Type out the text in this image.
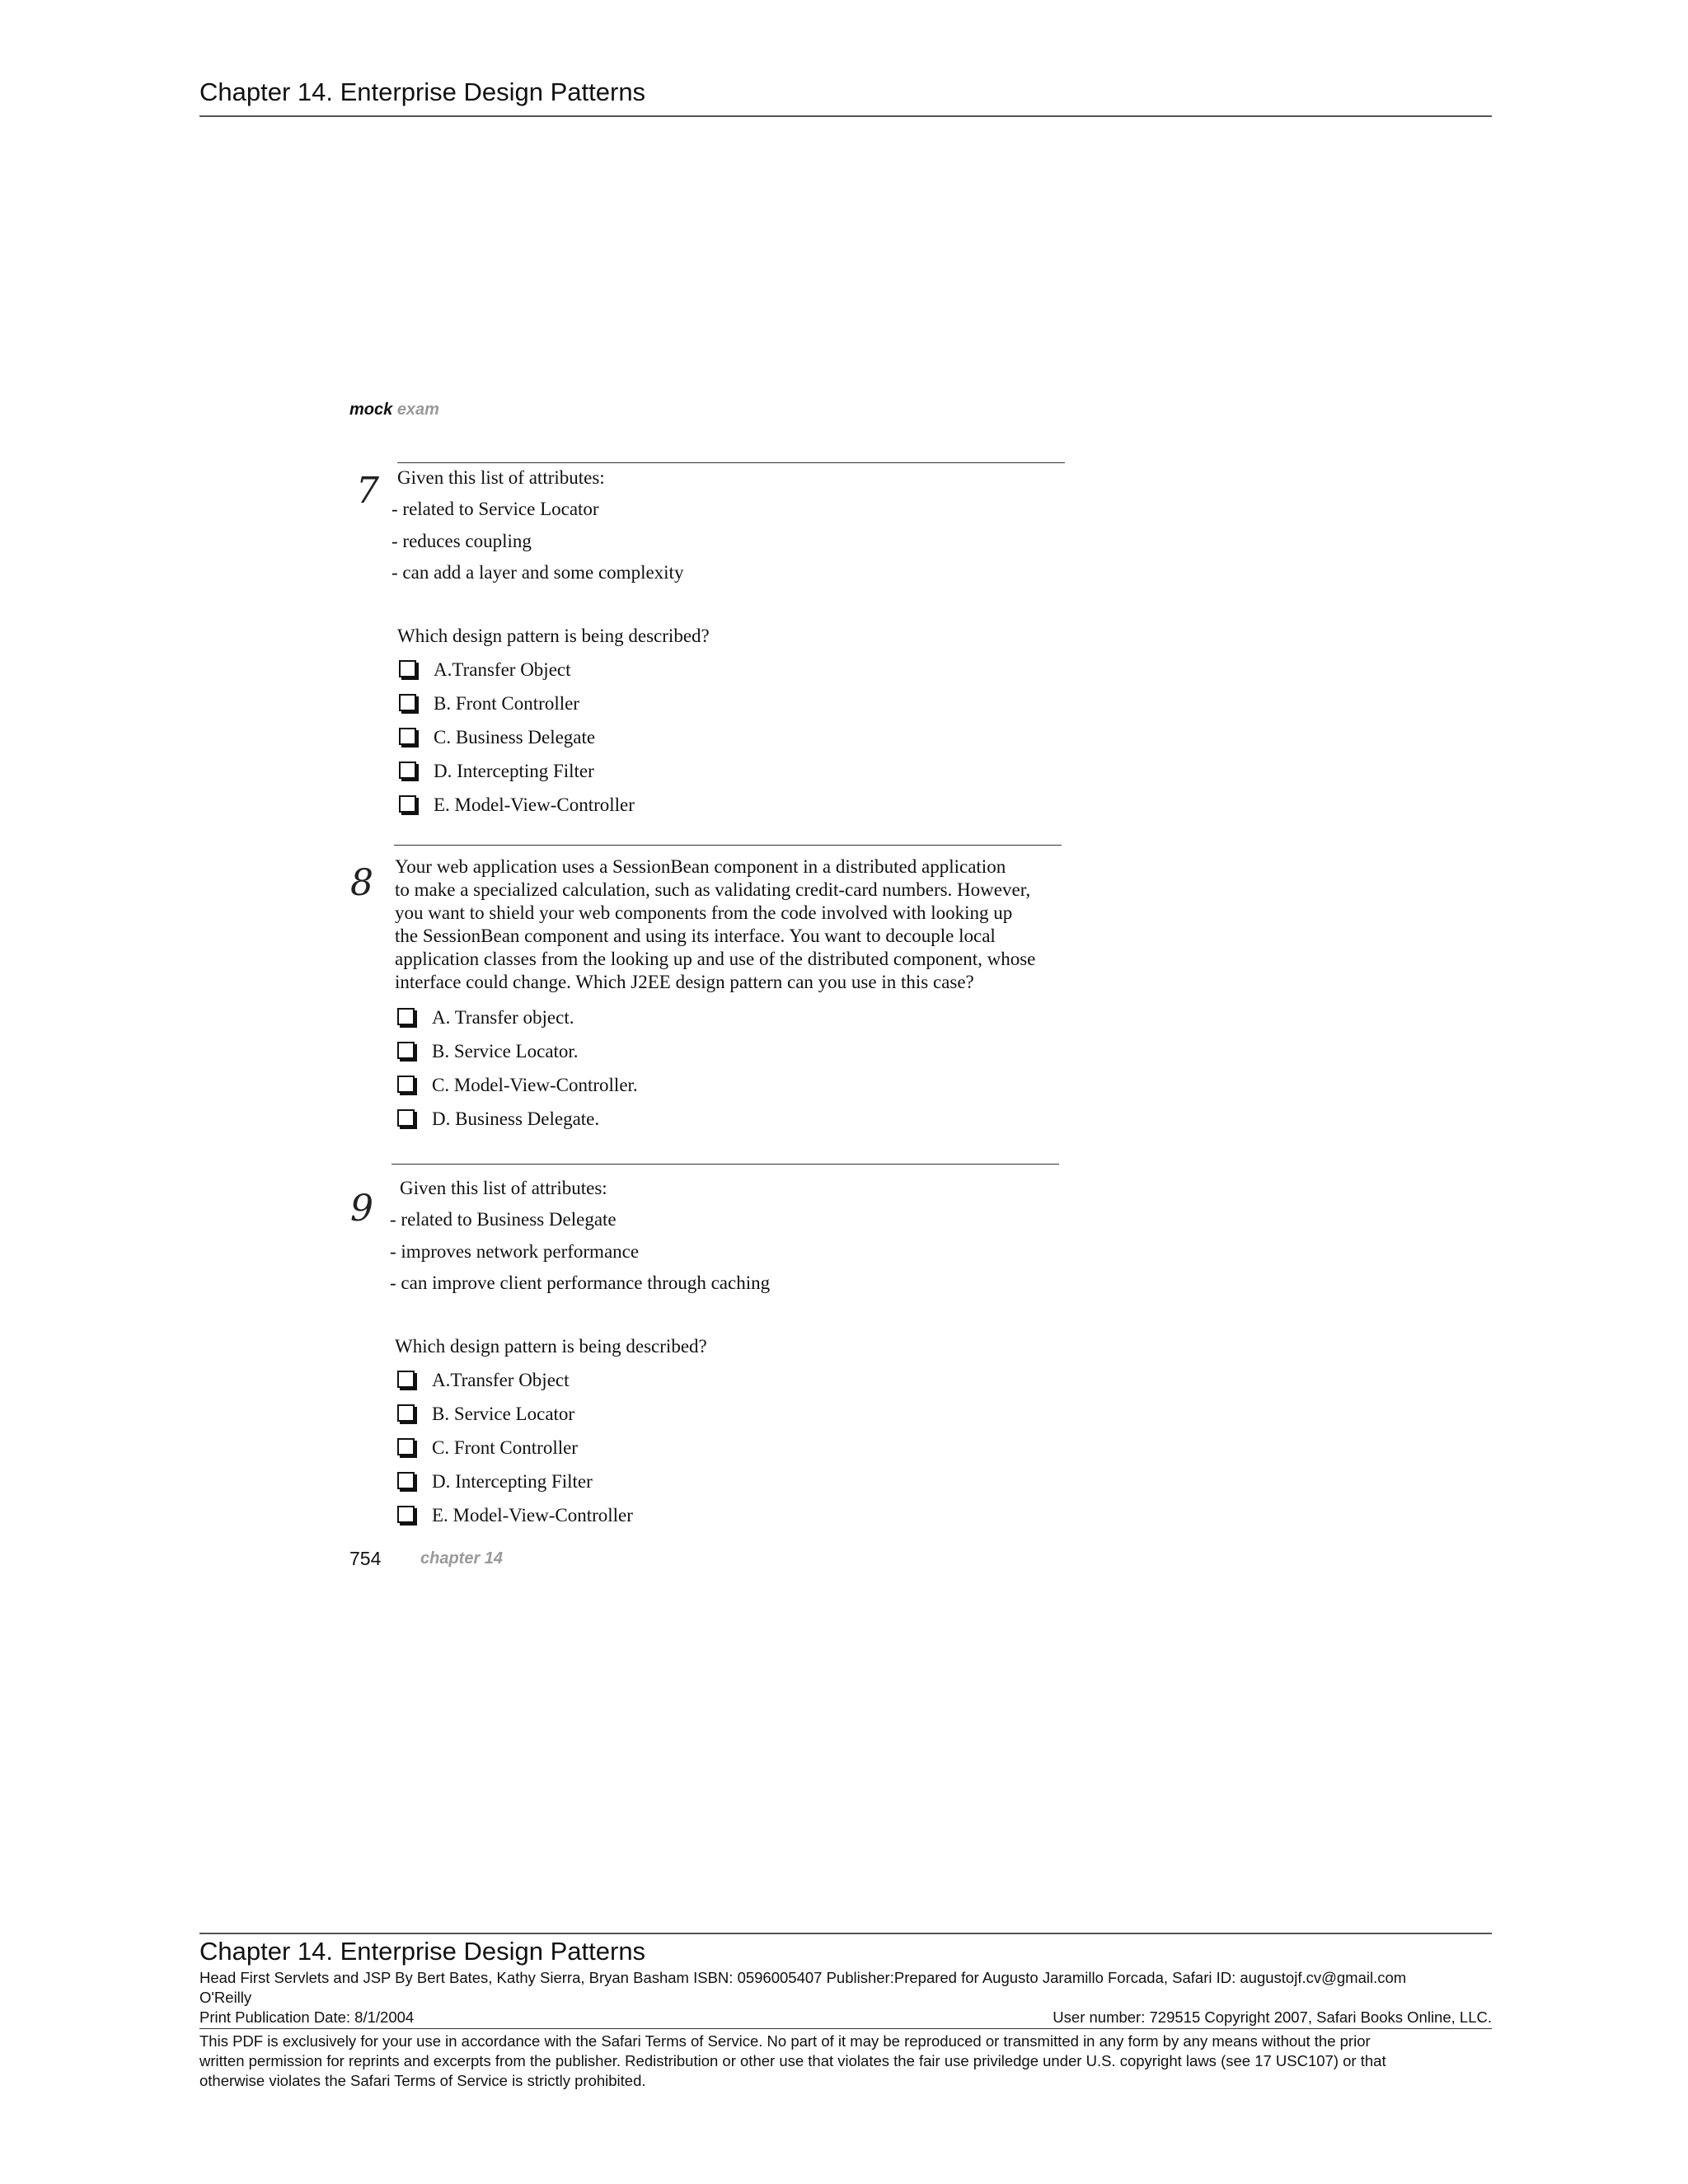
Chapter 14. Enterprise Design Patterns
mock exam
7 Given this list of attributes:
- related to Service Locator
- reduces coupling
- can add a layer and some complexity
Which design pattern is being described?
A.Transfer Object
B. Front Controller
C. Business Delegate
D. Intercepting Filter
E. Model-View-Controller
8 Your web application uses a SessionBean component in a distributed application
to make a specialized calculation, such as validating credit-card numbers. However,
you want to shield your web components from the code involved with looking up
the SessionBean component and using its interface. You want to decouple local
application classes from the looking up and use of the distributed component, whose
interface could change. Which J2EE design pattern can you use in this case?
A. Transfer object.
B. Service Locator.
C. Model-View-Controller.
D. Business Delegate.
9 Given this list of attributes:
- related to Business Delegate
- improves network performance
- can improve client performance through caching
Which design pattern is being described?
A.Transfer Object
B. Service Locator
C. Front Controller
D. Intercepting Filter
E. Model-View-Controller
754 chapter 14
Chapter 14. Enterprise Design Patterns
Head First Servlets and JSP By Bert Bates, Kathy Sierra, Bryan Basham ISBN: 0596005407 Publisher:Prepared for Augusto Jaramillo Forcada, Safari ID: augustojf.cv@gmail.com
O'Reilly
Print Publication Date: 8/1/2004	User number: 729515 Copyright 2007, Safari Books Online, LLC.
This PDF is exclusively for your use in accordance with the Safari Terms of Service. No part of it may be reproduced or transmitted in any form by any means without the prior
written permission for reprints and excerpts from the publisher. Redistribution or other use that violates the fair use priviledge under U.S. copyright laws (see 17 USC107) or that
otherwise violates the Safari Terms of Service is strictly prohibited.
